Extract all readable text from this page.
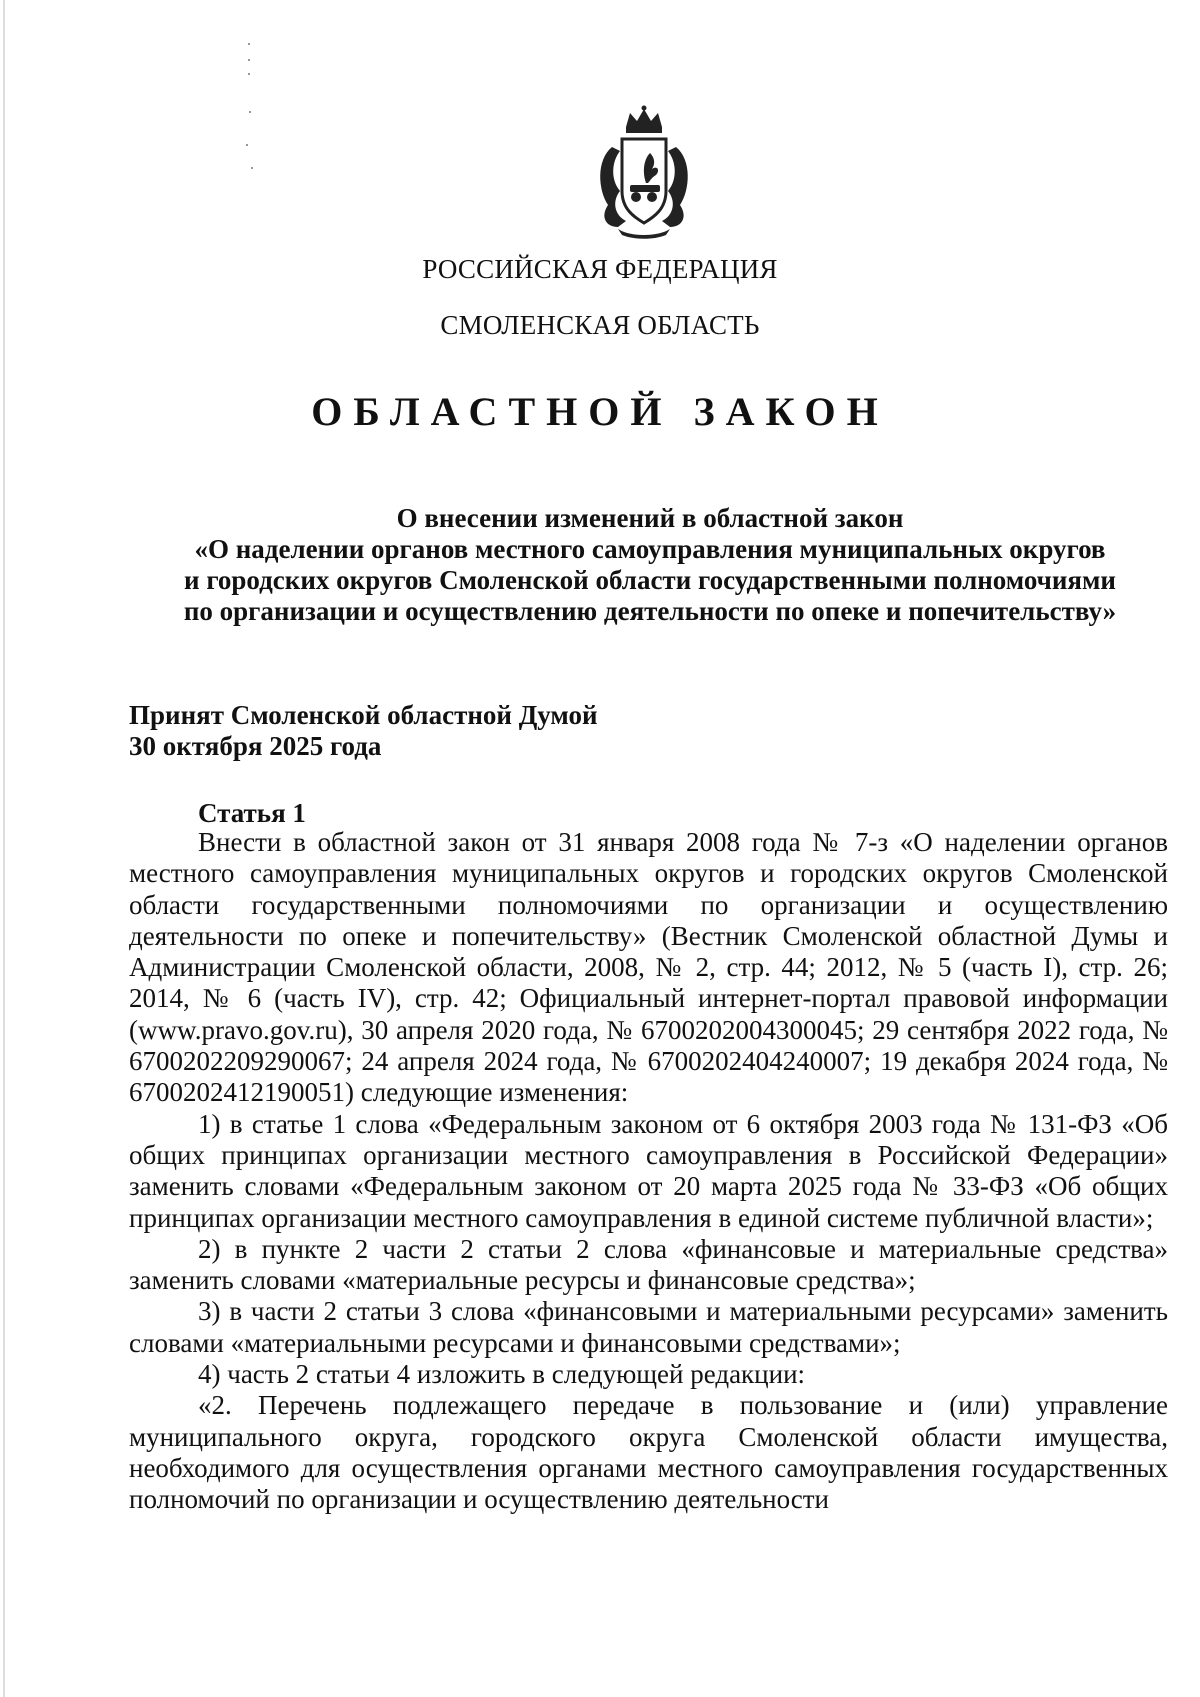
РОССИЙСКАЯ ФЕДЕРАЦИЯ
СМОЛЕНСКАЯ ОБЛАСТЬ
ОБЛАСТНОЙ ЗАКОН
О внесении изменений в областной закон
«О наделении органов местного самоуправления муниципальных округов
и городских округов Смоленской области государственными полномочиями
по организации и осуществлению деятельности по опеке и попечительству»
Принят Смоленской областной Думой
30 октября 2025 года
Статья 1

Внести в областной закон от 31 января 2008 года № 7-з «О наделении органов местного самоуправления муниципальных округов и городских округов Смоленской области государственными полномочиями по организации и осуществлению деятельности по опеке и попечительству» (Вестник Смоленской областной Думы и Администрации Смоленской области, 2008, № 2, стр. 44; 2012, № 5 (часть I), стр. 26; 2014, № 6 (часть IV), стр. 42; Официальный интернет-портал правовой информации (www.pravo.gov.ru), 30 апреля 2020 года, № 6700202004300045; 29 сентября 2022 года, № 6700202209290067; 24 апреля 2024 года, № 6700202404240007; 19 декабря 2024 года, № 6700202412190051) следующие изменения:

1) в статье 1 слова «Федеральным законом от 6 октября 2003 года № 131-ФЗ «Об общих принципах организации местного самоуправления в Российской Федерации» заменить словами «Федеральным законом от 20 марта 2025 года № 33-ФЗ «Об общих принципах организации местного самоуправления в единой системе публичной власти»;

2) в пункте 2 части 2 статьи 2 слова «финансовые и материальные средства» заменить словами «материальные ресурсы и финансовые средства»;

3) в части 2 статьи 3 слова «финансовыми и материальными ресурсами» заменить словами «материальными ресурсами и финансовыми средствами»;

4) часть 2 статьи 4 изложить в следующей редакции:

«2. Перечень подлежащего передаче в пользование и (или) управление муниципального округа, городского округа Смоленской области имущества, необходимого для осуществления органами местного самоуправления государственных полномочий по организации и осуществлению деятельности
